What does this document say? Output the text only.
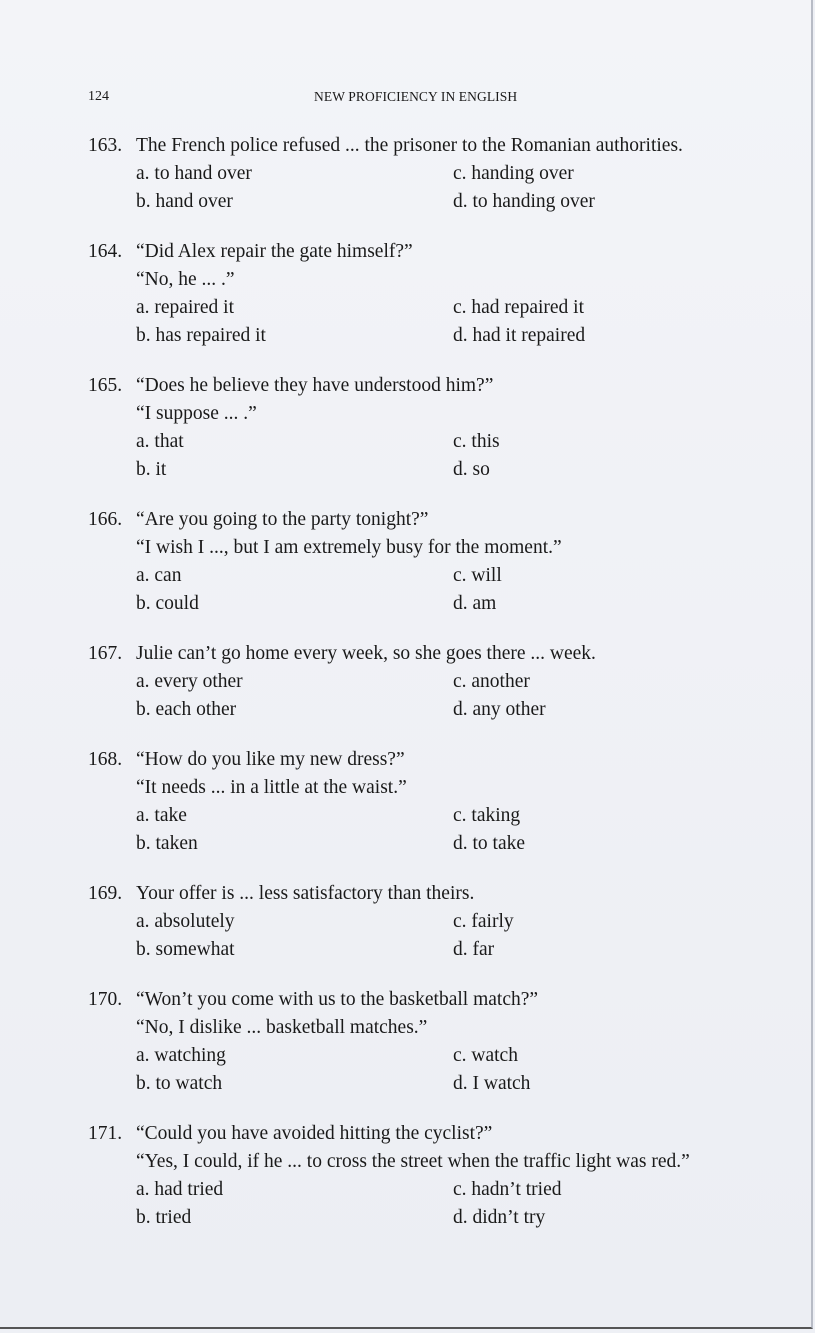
124	NEW PROFICIENCY IN ENGLISH
163. The French police refused ... the prisoner to the Romanian authorities.
a. to hand over	c. handing over
b. hand over	d. to handing over
164. “Did Alex repair the gate himself?”
“No, he ... .”
a. repaired it	c. had repaired it
b. has repaired it	d. had it repaired
165. “Does he believe they have understood him?”
“I suppose ... .”
a. that	c. this
b. it	d. so
166. “Are you going to the party tonight?”
“I wish I ..., but I am extremely busy for the moment.”
a. can	c. will
b. could	d. am
167. Julie can’t go home every week, so she goes there ... week.
a. every other	c. another
b. each other	d. any other
168. “How do you like my new dress?”
“It needs ... in a little at the waist.”
a. take	c. taking
b. taken	d. to take
169. Your offer is ... less satisfactory than theirs.
a. absolutely	c. fairly
b. somewhat	d. far
170. “Won’t you come with us to the basketball match?”
“No, I dislike ... basketball matches.”
a. watching	c. watch
b. to watch	d. I watch
171. “Could you have avoided hitting the cyclist?”
“Yes, I could, if he ... to cross the street when the traffic light was red.”
a. had tried	c. hadn’t tried
b. tried	d. didn’t try
